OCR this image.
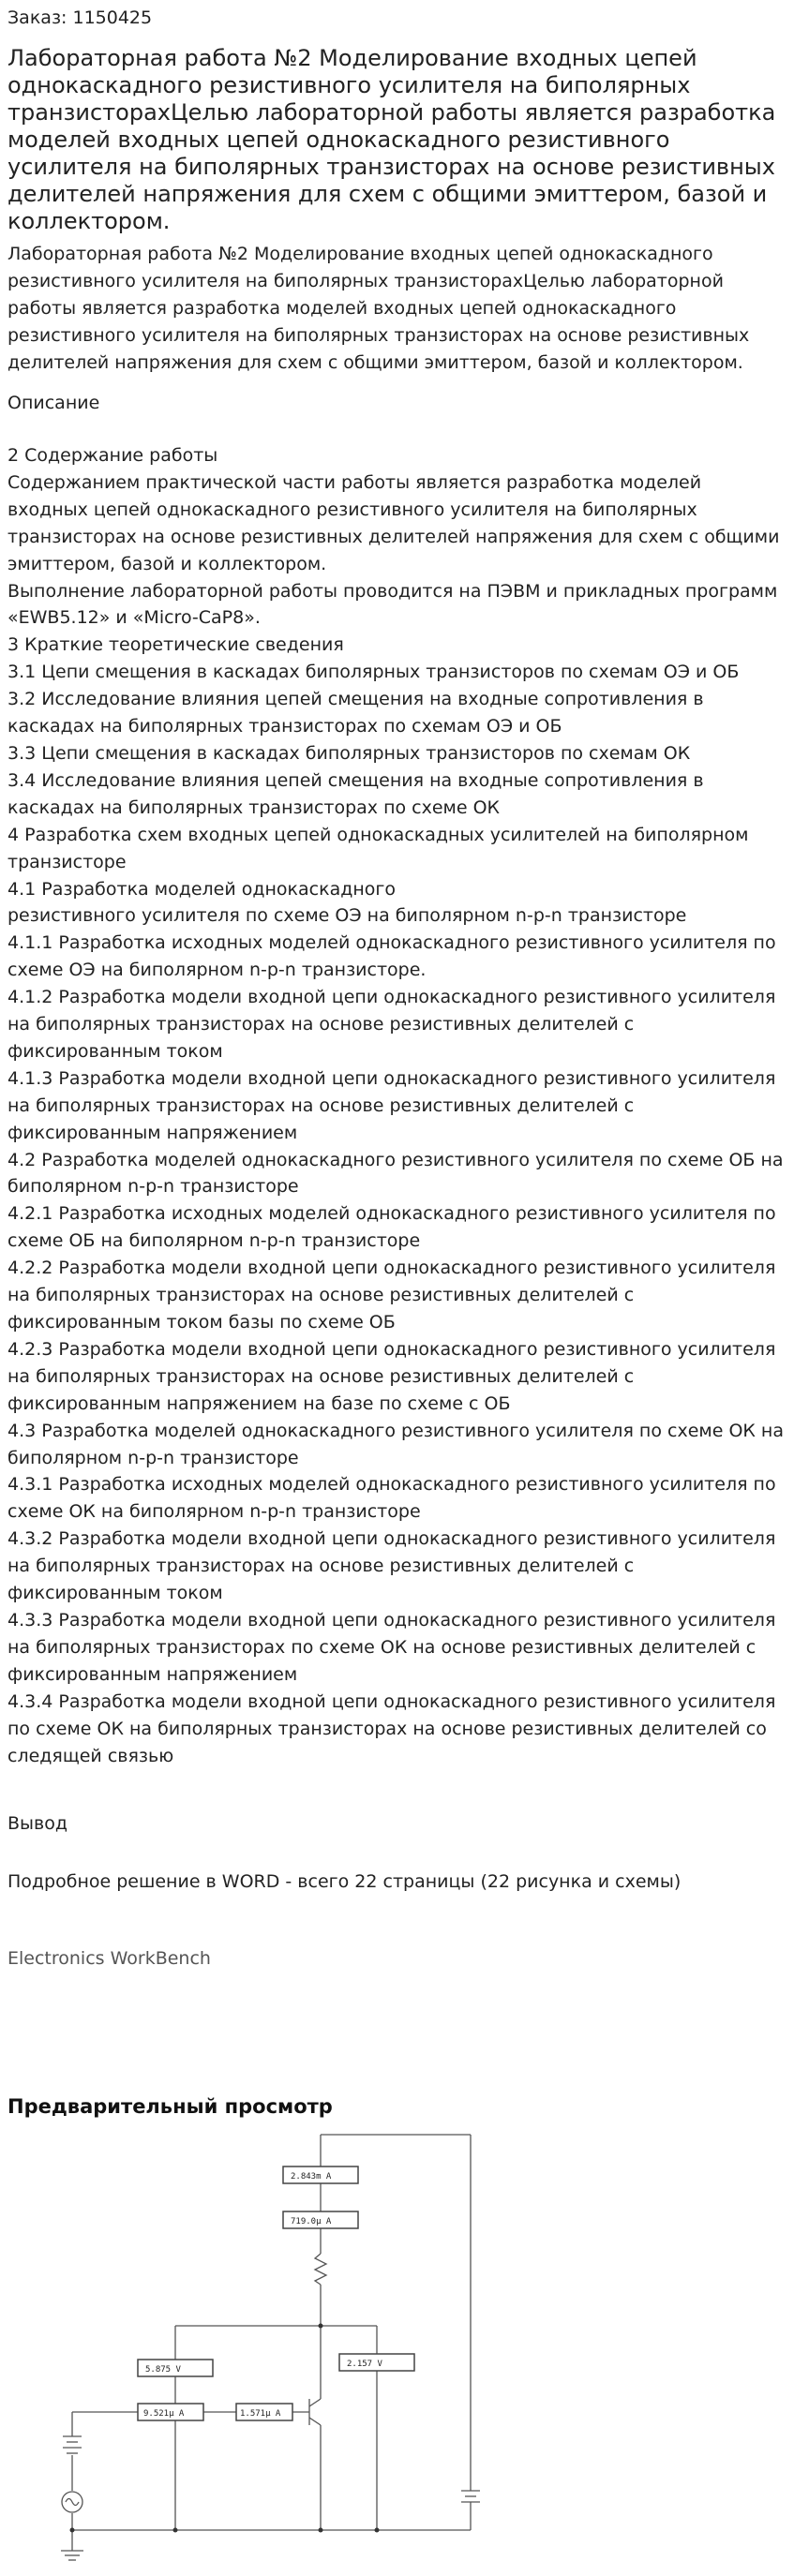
Заказ: 1150425
Лабораторная работа №2 Моделирование входных цепей однокаскадного резистивного усилителя на биполярных транзисторахЦелью лабораторной работы является разработка моделей входных цепей однокаскадного резистивного усилителя на биполярных транзисторах на основе резистивных делителей напряжения для схем с общими эмиттером, базой и коллектором.
Лабораторная работа №2 Моделирование входных цепей однокаскадного резистивного усилителя на биполярных транзисторахЦелью лабораторной работы является разработка моделей входных цепей однокаскадного резистивного усилителя на биполярных транзисторах на основе резистивных делителей напряжения для схем с общими эмиттером, базой и коллектором.
Описание

2 Содержание работы

Содержанием практической части работы является разработка моделей входных цепей однокаскадного резистивного усилителя на биполярных транзисторах на основе резистивных делителей напряжения для схем с общими эмиттером, базой и коллектором.

Выполнение лабораторной работы проводится на ПЭВМ и прикладных программ «EWB5.12» и «Micro-CaP8».

3 Краткие теоретические сведения

3.1 Цепи смещения в каскадах биполярных транзисторов по схемам ОЭ и ОБ

3.2 Исследование влияния цепей смещения на входные сопротивления в каскадах на биполярных транзисторах по схемам ОЭ и ОБ

3.3 Цепи смещения в каскадах биполярных транзисторов по схемам ОК

3.4 Исследование влияния цепей смещения на входные сопротивления в каскадах на биполярных транзисторах по схеме ОК

4 Разработка схем входных цепей однокаскадных усилителей на биполярном транзисторе

4.1 Разработка моделей однокаскадного

резистивного усилителя по схеме ОЭ на биполярном n-p-n транзисторе

4.1.1 Разработка исходных моделей однокаскадного резистивного усилителя по схеме ОЭ на биполярном n-p-n транзисторе.

4.1.2 Разработка модели входной цепи однокаскадного резистивного усилителя на биполярных транзисторах на основе резистивных делителей с фиксированным током

4.1.3 Разработка модели входной цепи однокаскадного резистивного усилителя на биполярных транзисторах на основе резистивных делителей с фиксированным напряжением

4.2 Разработка моделей однокаскадного резистивного усилителя по схеме ОБ на биполярном n-p-n транзисторе

4.2.1 Разработка исходных моделей однокаскадного резистивного усилителя по схеме ОБ на биполярном n-p-n транзисторе

4.2.2 Разработка модели входной цепи однокаскадного резистивного усилителя на биполярных транзисторах на основе резистивных делителей с фиксированным током базы по схеме ОБ

4.2.3 Разработка модели входной цепи однокаскадного резистивного усилителя на биполярных транзисторах на основе резистивных делителей с фиксированным напряжением на базе по схеме с ОБ

4.3 Разработка моделей однокаскадного резистивного усилителя по схеме ОК на биполярном n-p-n транзисторе

4.3.1 Разработка исходных моделей однокаскадного резистивного усилителя по схеме ОК на биполярном n-p-n транзисторе

4.3.2 Разработка модели входной цепи однокаскадного резистивного усилителя на биполярных транзисторах на основе резистивных делителей с фиксированным током

4.3.3 Разработка модели входной цепи однокаскадного резистивного усилителя на биполярных транзисторах по схеме ОК на основе резистивных делителей с фиксированным напряжением

4.3.4 Разработка модели входной цепи однокаскадного резистивного усилителя по схеме ОК на биполярных транзисторах на основе резистивных делителей со следящей связью

Вывод
Подробное решение в WORD - всего 22 страницы (22 рисунка и схемы)
Electronics WorkBench
Предварительный просмотр
2.843m A
719.0µ A
5.875 V
2.157 V
9.521µ A	1.571µ A
